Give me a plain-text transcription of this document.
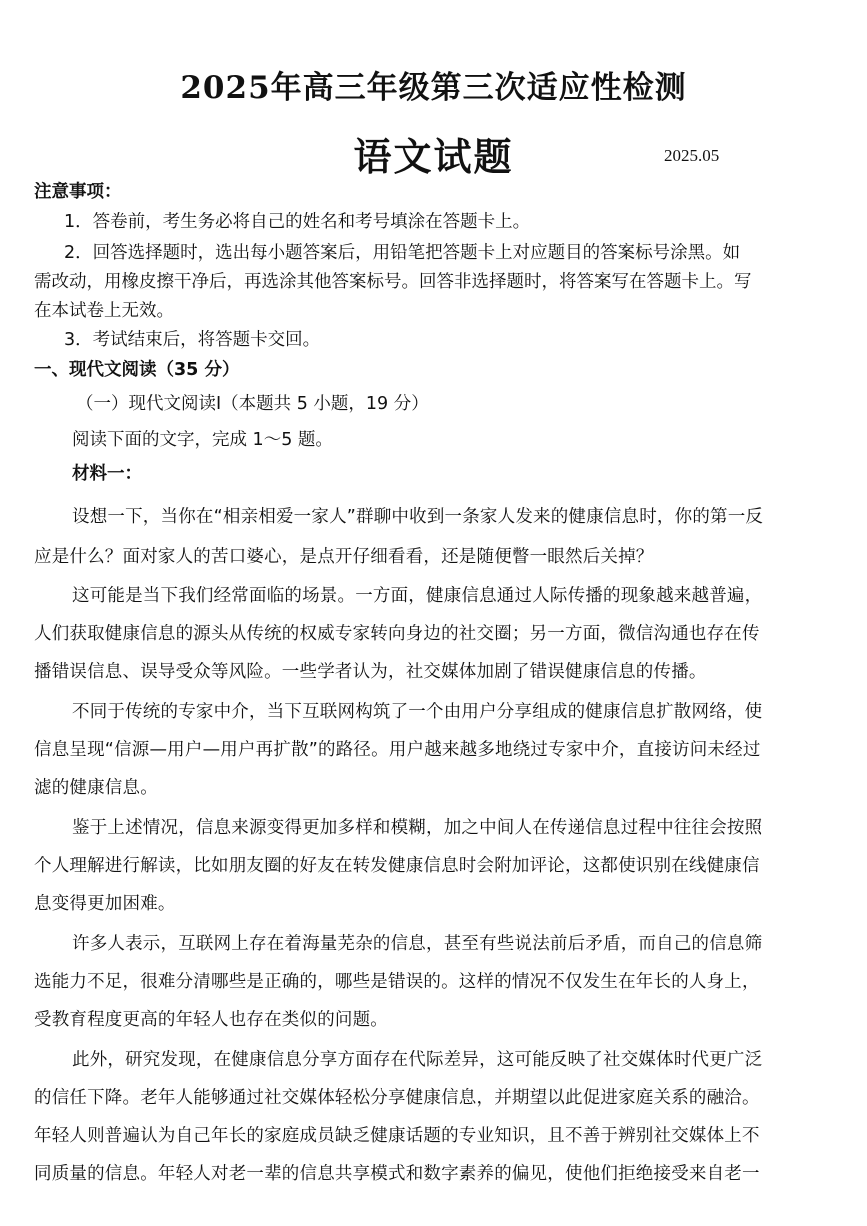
2025年高三年级第三次适应性检测
语文试题	2025.05
注意事项：
1．答卷前，考生务必将自己的姓名和考号填涂在答题卡上。
2．回答选择题时，选出每小题答案后，用铅笔把答题卡上对应题目的答案标号涂黑。如
需改动，用橡皮擦干净后，再选涂其他答案标号。回答非选择题时，将答案写在答题卡上。写
在本试卷上无效。
3．考试结束后，将答题卡交回。
一、现代文阅读（35 分）
（一）现代文阅读Ⅰ（本题共 5 小题，19 分）
阅读下面的文字，完成 1～5 题。
材料一：
设想一下，当你在“相亲相爱一家人”群聊中收到一条家人发来的健康信息时，你的第一反
应是什么？面对家人的苦口婆心，是点开仔细看看，还是随便瞥一眼然后关掉？
这可能是当下我们经常面临的场景。一方面，健康信息通过人际传播的现象越来越普遍，
人们获取健康信息的源头从传统的权威专家转向身边的社交圈；另一方面，微信沟通也存在传
播错误信息、误导受众等风险。一些学者认为，社交媒体加剧了错误健康信息的传播。
不同于传统的专家中介，当下互联网构筑了一个由用户分享组成的健康信息扩散网络，使
信息呈现“信源—用户—用户再扩散”的路径。用户越来越多地绕过专家中介，直接访问未经过
滤的健康信息。
鉴于上述情况，信息来源变得更加多样和模糊，加之中间人在传递信息过程中往往会按照
个人理解进行解读，比如朋友圈的好友在转发健康信息时会附加评论，这都使识别在线健康信
息变得更加困难。
许多人表示，互联网上存在着海量芜杂的信息，甚至有些说法前后矛盾，而自己的信息筛
选能力不足，很难分清哪些是正确的，哪些是错误的。这样的情况不仅发生在年长的人身上，
受教育程度更高的年轻人也存在类似的问题。
此外，研究发现，在健康信息分享方面存在代际差异，这可能反映了社交媒体时代更广泛
的信任下降。老年人能够通过社交媒体轻松分享健康信息，并期望以此促进家庭关系的融洽。
年轻人则普遍认为自己年长的家庭成员缺乏健康话题的专业知识，且不善于辨别社交媒体上不
同质量的信息。年轻人对老一辈的信息共享模式和数字素养的偏见，使他们拒绝接受来自老一
